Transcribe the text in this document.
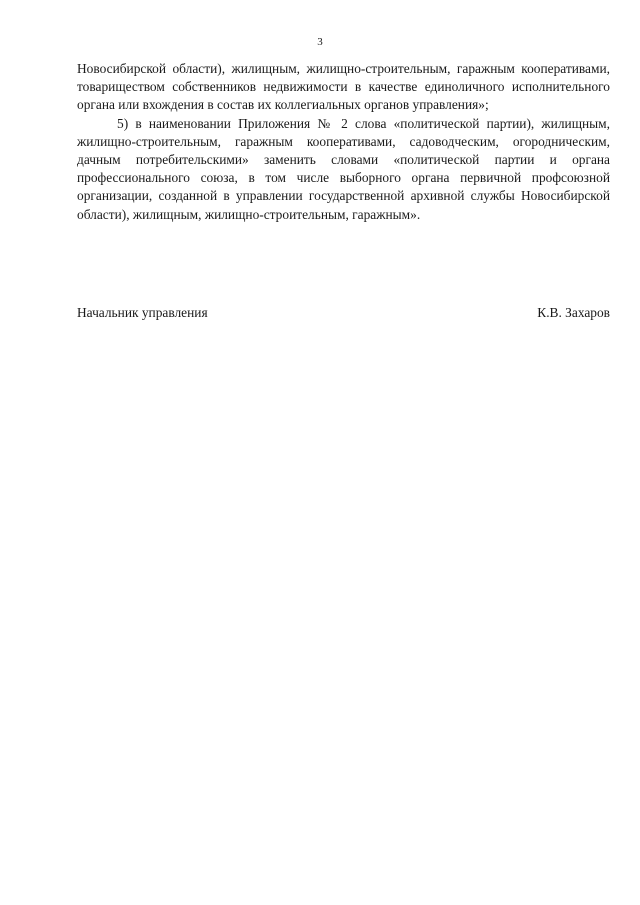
3

Новосибирской области), жилищным, жилищно-строительным, гаражным кооперативами, товариществом собственников недвижимости в качестве единоличного исполнительного органа или вхождения в состав их коллегиальных органов управления»;

5) в наименовании Приложения № 2 слова «политической партии), жилищным, жилищно-строительным, гаражным кооперативами, садоводческим, огородническим, дачным потребительскими» заменить словами «политической партии и органа профессионального союза, в том числе выборного органа первичной профсоюзной организации, созданной в управлении государственной архивной службы Новосибирской области), жилищным, жилищно-строительным, гаражным».

Начальник управления	К.В. Захаров
